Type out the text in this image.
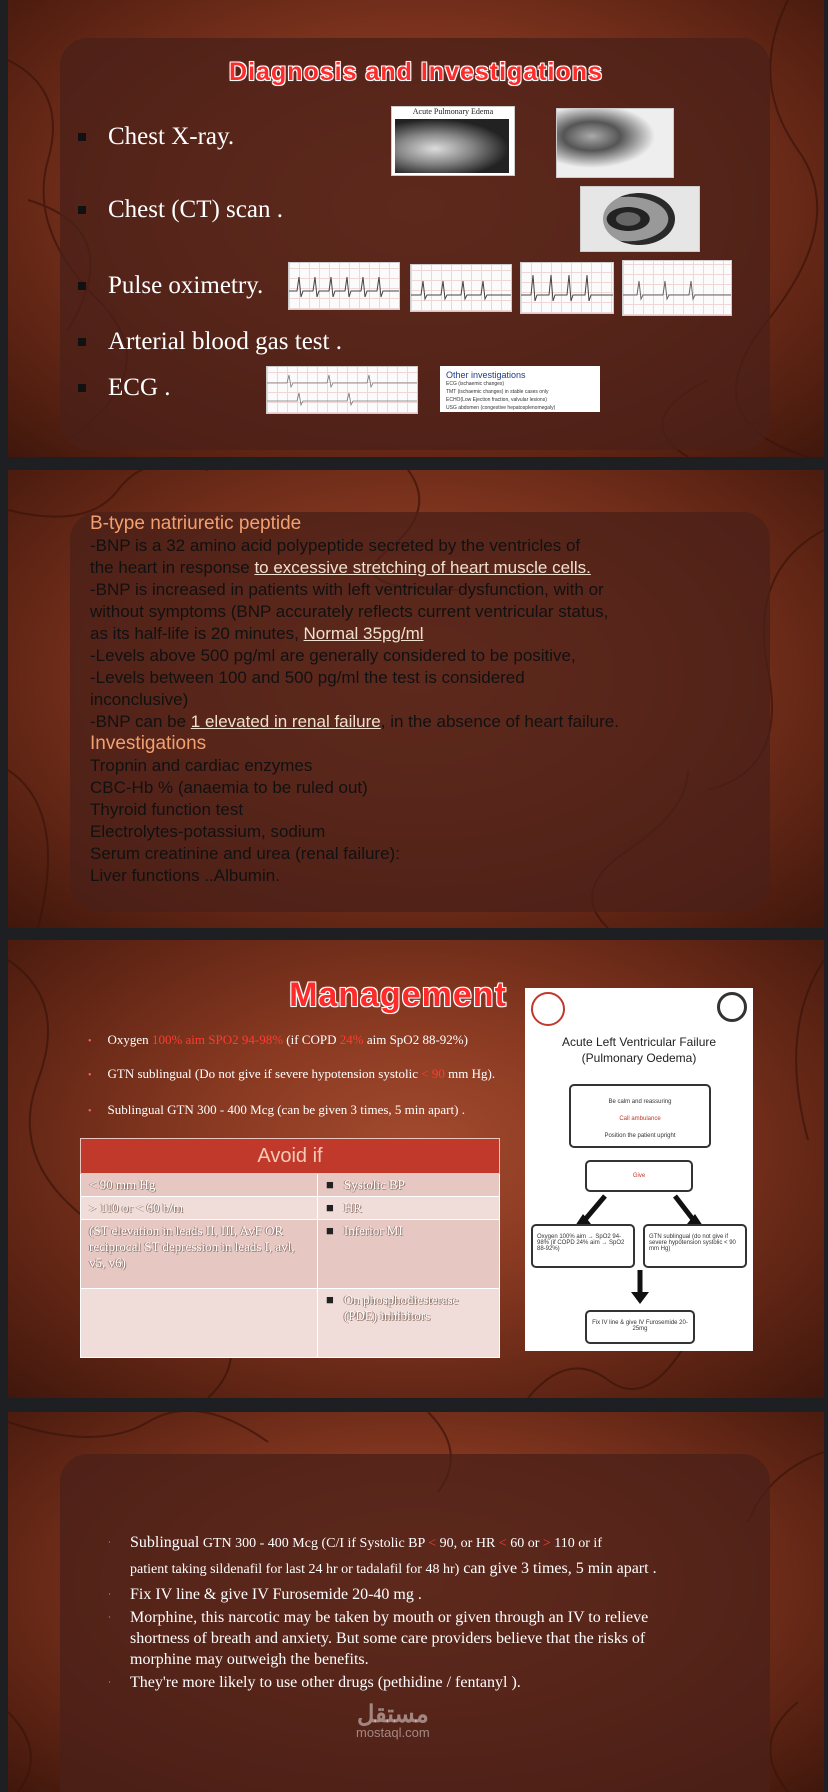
Diagnosis and Investigations
Chest X-ray.
Chest (CT) scan .
Pulse oximetry.
Arterial blood gas test .
ECG .
Acute Pulmonary Edema
Other investigations
ECG (ischaemic changes)
TMT (ischaemic changes) in stable cases only
ECHO(Low Ejection fraction, valvular lesions)
USG abdomen (congestive hepatosplenomegaly)
B-type natriuretic peptide
-BNP is a 32 amino acid polypeptide secreted by the ventricles of
the heart in response to excessive stretching of heart muscle cells.
-BNP is increased in patients with left ventricular dysfunction, with or
without symptoms (BNP accurately reflects current ventricular status,
as its half-life is 20 minutes, Normal 35pg/ml
-Levels above 500 pg/ml are generally considered to be positive,
-Levels between 100 and 500 pg/ml the test is considered
inconclusive)
-BNP can be 1 elevated in renal failure, in the absence of heart failure.
Investigations
Tropnin and cardiac enzymes
CBC-Hb % (anaemia to be ruled out)
Thyroid function test
Electrolytes-potassium, sodium
Serum creatinine and urea (renal failure):
Liver functions ..Albumin.
Management
• Oxygen 100% aim SPO2 94-98% (if COPD 24% aim SpO2 88-92%)
• GTN sublingual (Do not give if severe hypotension systolic < 90 mm Hg).
• Sublingual GTN 300 - 400 Mcg (can be given 3 times, 5 min apart) .
Avoid if	
< 90 mm Hg	■ Systolic BP
> 110 or < 60 b/m	■ HR
(ST elevation in leads II, III, AvF OR reciprocal ST depression in leads I, avl, v5, v6)	■ Inferior MI

	■ On phosphodiesterase (PDE) inhibitors
Acute Left Ventricular Failure (Pulmonary Oedema)
Be calm and reassuring
Call ambulance
Position the patient upright
Give
Oxygen 100% aim → SpO2 94-98% (if COPD 24% aim → SpO2 88-92%)
GTN sublingual (do not give if severe hypotension systolic < 90 mm Hg)
Fix IV line & give IV Furosemide 20-25mg
· Sublingual GTN 300 - 400 Mcg (C/I if Systolic BP < 90, or HR < 60 or > 110 or if
patient taking sildenafil for last 24 hr or tadalafil for 48 hr) can give 3 times, 5 min apart .
· Fix IV line & give IV Furosemide 20-40 mg .
· Morphine, this narcotic may be taken by mouth or given through an IV to relieve shortness of breath and anxiety. But some care providers believe that the risks of morphine may outweigh the benefits.
· They're more likely to use other drugs (pethidine / fentanyl ).
مستقل
mostaql.com
